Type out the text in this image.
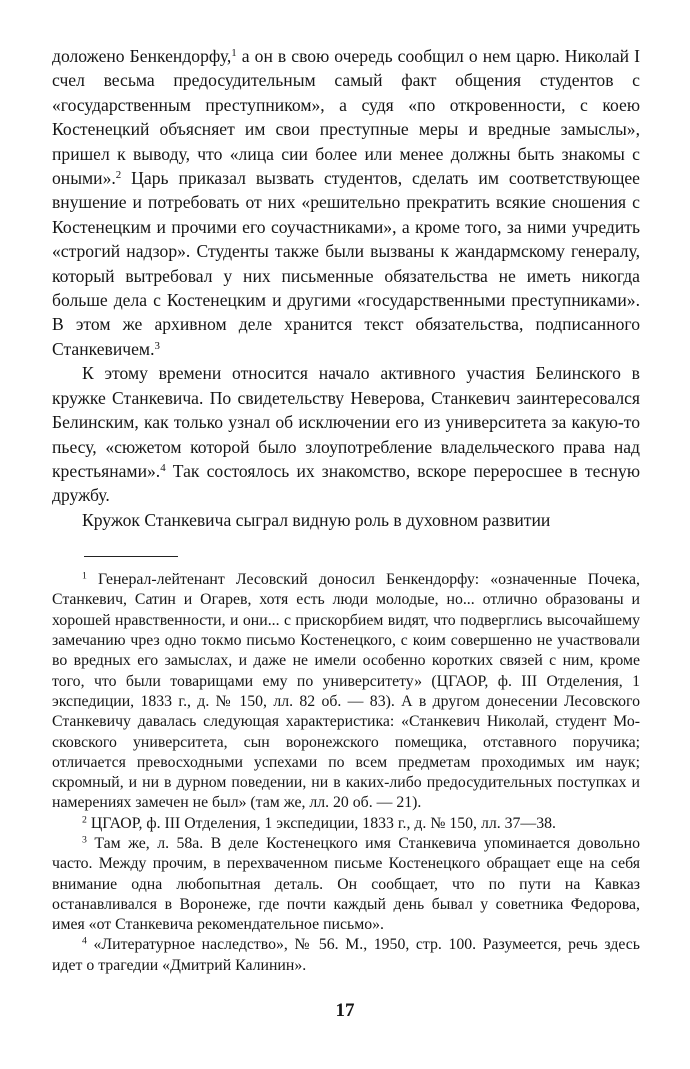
доложено Бенкендорфу,$^1$ а он в свою очередь сообщил о нем царю. Николай I счел весьма предосудительным самый факт общения студентов с «государственным преступником», а судя «по откровенности, с коею Костенецкий объясняет им свои преступные меры и вредные замыслы», пришел к выводу, что «лица сии более или менее должны быть знакомы с оными».$^2$ Царь приказал вызвать студентов, сделать им соответствующее внушение и потребовать от них «решительно прекратить всякие сношения с Костенецким и прочими его соучастниками», а кроме того, за ними учредить «строгий надзор». Студенты также были вызваны к жандармскому генералу, который вытребовал у них письменные обязательства не иметь никогда больше дела с Костенецким и другими «государственными преступниками». В этом же архивном деле хранится текст обязательства, подписанного Станкевичем.$^3$

К этому времени относится начало активного участия Белинского в кружке Станкевича. По свидетельству Неверова, Станкевич заинтересовался Белинским, как только узнал об исключении его из университета за какую-то пьесу, «сюжетом которой было злоупотребление владельческого права над крестьянами».$^4$ Так состоялось их знакомство, вскоре переросшее в тесную дружбу.

Кружок Станкевича сыграл видную роль в духовном развитии

$^1$ Генерал-лейтенант Лесовский доносил Бенкендорфу: «означенные Почека, Станкевич, Сатин и Огарев, хотя есть люди молодые, но... отлично образованы и хорошей нравственности, и они... с прискорбием видят, что подверглись высочайшему замечанию чрез одно токмо письмо Костенецкого, с коим совершенно не участвовали во вредных его замыслах, и даже не имели особенно коротких связей с ним, кроме того, что были товарищами ему по университету» (ЦГАОР, ф. III Отделения, 1 экспедиции, 1833 г., д. № 150, лл. 82 об. — 83). А в другом донесении Лесовского Станкевичу давалась следующая характеристика: «Станкевич Николай, студент Московского университета, сын воронежского помещика, отставного поручика; отличается превосходными успехами по всем предметам проходимых им наук; скромный, и ни в дурном поведении, ни в каких-либо предосудительных поступках и намерениях замечен не был» (там же, лл. 20 об. — 21).

$^2$ ЦГАОР, ф. III Отделения, 1 экспедиции, 1833 г., д. № 150, лл. 37—38.

$^3$ Там же, л. 58а. В деле Костенецкого имя Станкевича упоминается довольно часто. Между прочим, в перехваченном письме Костенецкого обращает еще на себя внимание одна любопытная деталь. Он сообщает, что по пути на Кавказ останавливался в Воронеже, где почти каждый день бывал у советника Федорова, имея «от Станкевича рекомендательное письмо».

$^4$ «Литературное наследство», № 56. М., 1950, стр. 100. Разумеется, речь здесь идет о трагедии «Дмитрий Калинин».

17
